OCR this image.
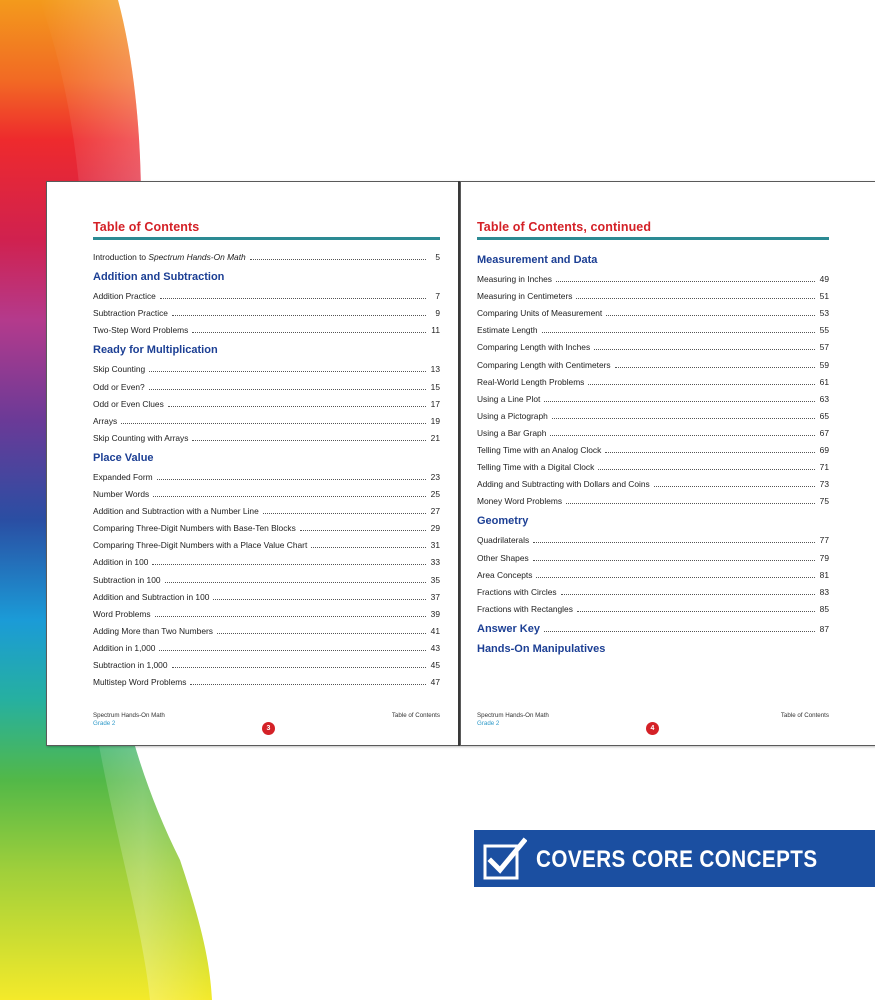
Table of Contents
Introduction to Spectrum Hands-On Math	5
Addition and Subtraction
Addition Practice	7
Subtraction Practice	9
Two-Step Word Problems	11
Ready for Multiplication
Skip Counting	13
Odd or Even?	15
Odd or Even Clues	17
Arrays	19
Skip Counting with Arrays	21
Place Value
Expanded Form	23
Number Words	25
Addition and Subtraction with a Number Line	27
Comparing Three-Digit Numbers with Base-Ten Blocks	29
Comparing Three-Digit Numbers with a Place Value Chart	31
Addition in 100	33
Subtraction in 100	35
Addition and Subtraction in 100	37
Word Problems	39
Adding More than Two Numbers	41
Addition in 1,000	43
Subtraction in 1,000	45
Multistep Word Problems	47
Spectrum Hands-On Math
Grade 2
Table of Contents
3
Table of Contents, continued
Measurement and Data
Measuring in Inches	49
Measuring in Centimeters	51
Comparing Units of Measurement	53
Estimate Length	55
Comparing Length with Inches	57
Comparing Length with Centimeters	59
Real-World Length Problems	61
Using a Line Plot	63
Using a Pictograph	65
Using a Bar Graph	67
Telling Time with an Analog Clock	69
Telling Time with a Digital Clock	71
Adding and Subtracting with Dollars and Coins	73
Money Word Problems	75
Geometry
Quadrilaterals	77
Other Shapes	79
Area Concepts	81
Fractions with Circles	83
Fractions with Rectangles	85
Answer Key	87
Hands-On Manipulatives
Spectrum Hands-On Math
Grade 2
Table of Contents
4
COVERS CORE CONCEPTS
